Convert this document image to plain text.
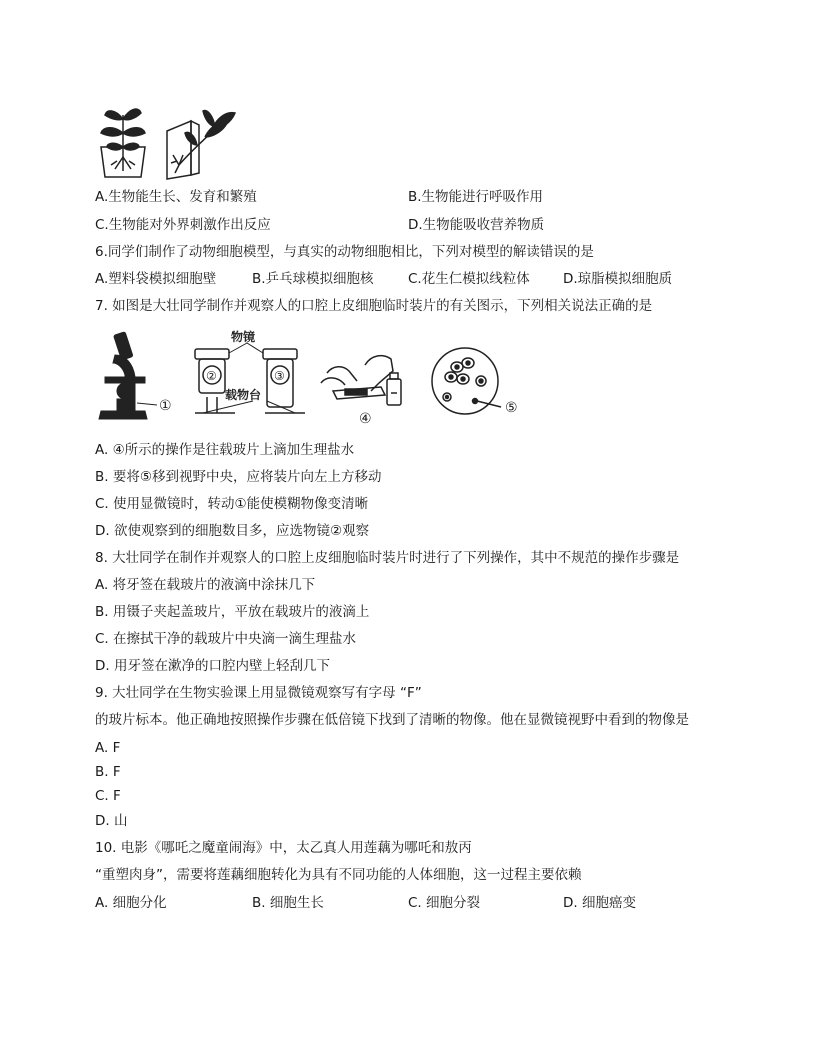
A.生物能生长、发育和繁殖	B.生物能进行呼吸作用
C.生物能对外界刺激作出反应	D.生物能吸收营养物质
6.同学们制作了动物细胞模型，与真实的动物细胞相比，下列对模型的解读错误的是
A.塑料袋模拟细胞壁	B.乒乓球模拟细胞核	C.花生仁模拟线粒体 D.琼脂模拟细胞质
7. 如图是大壮同学制作并观察人的口腔上皮细胞临时装片的有关图示，下列相关说法正确的是
①
②	③
物镜
载物台
④
⑤
A. ④所示的操作是往载玻片上滴加生理盐水
B. 要将⑤移到视野中央，应将装片向左上方移动
C. 使用显微镜时，转动①能使模糊物像变清晰
D. 欲使观察到的细胞数目多，应选物镜②观察
8. 大壮同学在制作并观察人的口腔上皮细胞临时装片时进行了下列操作，其中不规范的操作步骤是
A. 将牙签在载玻片的液滴中涂抹几下
B. 用镊子夹起盖玻片，平放在载玻片的液滴上
C. 在擦拭干净的载玻片中央滴一滴生理盐水
D. 用牙签在漱净的口腔内壁上轻刮几下
9. 大壮同学在生物实验课上用显微镜观察写有字母 “F”
的玻片标本。他正确地按照操作步骤在低倍镜下找到了清晰的物像。他在显微镜视野中看到的物像是
A. F
B. F
C. F
D. 山
10. 电影《哪吒之魔童闹海》中，太乙真人用莲藕为哪吒和敖丙
“重塑肉身”，需要将莲藕细胞转化为具有不同功能的人体细胞，这一过程主要依赖
A. 细胞分化	B. 细胞生长	C. 细胞分裂	D. 细胞癌变
